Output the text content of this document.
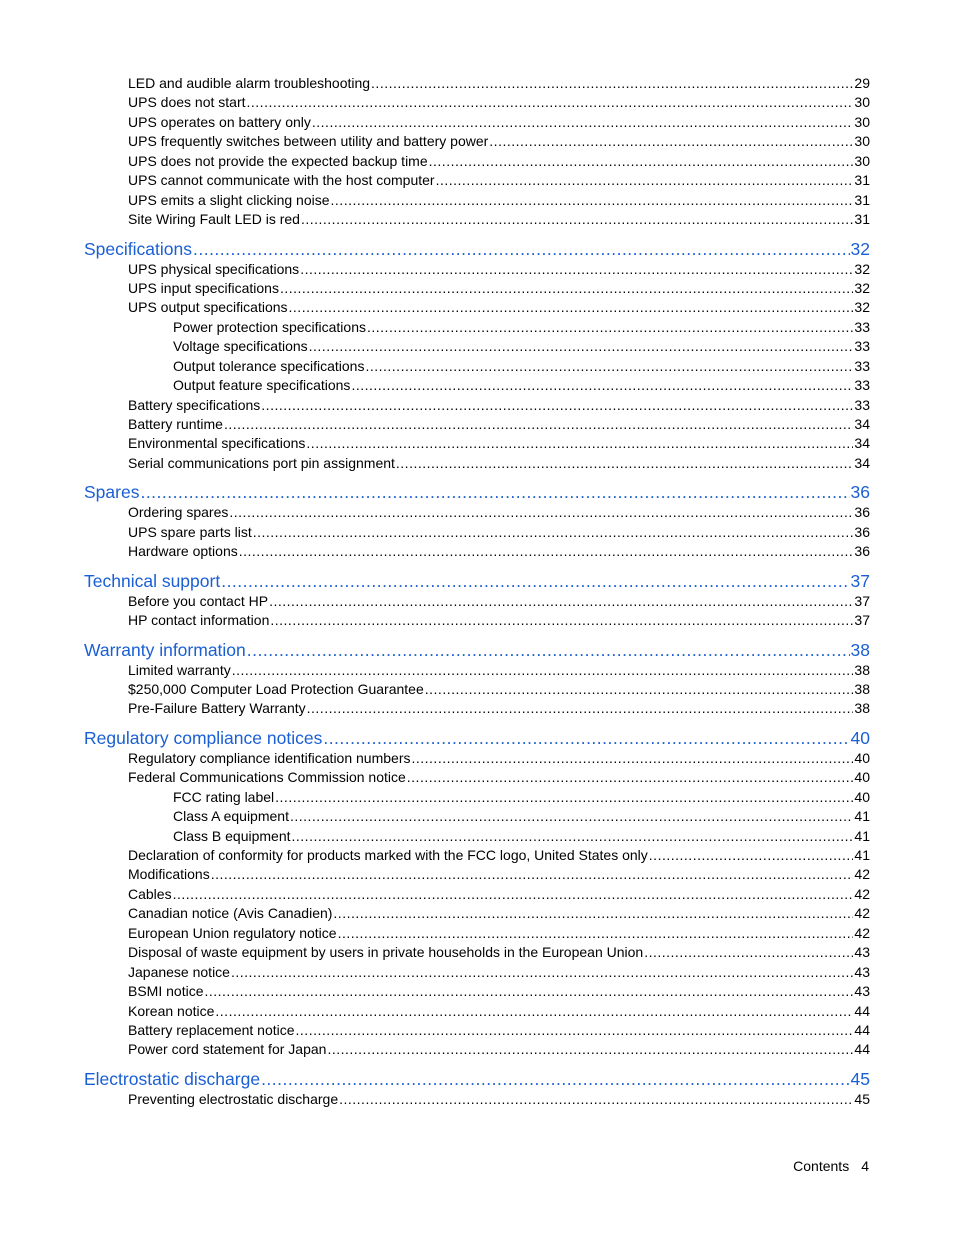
LED and audible alarm troubleshooting .....	29
UPS does not start .....	30
UPS operates on battery only .....	30
UPS frequently switches between utility and battery power .....	30
UPS does not provide the expected backup time .....	30
UPS cannot communicate with the host computer .....	31
UPS emits a slight clicking noise .....	31
Site Wiring Fault LED is red .....	31
Specifications .....	32
UPS physical specifications .....	32
UPS input specifications .....	32
UPS output specifications .....	32
Power protection specifications .....	33
Voltage specifications .....	33
Output tolerance specifications .....	33
Output feature specifications .....	33
Battery specifications .....	33
Battery runtime .....	34
Environmental specifications .....	34
Serial communications port pin assignment .....	34
Spares .....	36
Ordering spares .....	36
UPS spare parts list .....	36
Hardware options .....	36
Technical support .....	37
Before you contact HP .....	37
HP contact information .....	37
Warranty information .....	38
Limited warranty .....	38
$250,000 Computer Load Protection Guarantee .....	38
Pre-Failure Battery Warranty .....	38
Regulatory compliance notices .....	40
Regulatory compliance identification numbers .....	40
Federal Communications Commission notice .....	40
FCC rating label .....	40
Class A equipment .....	41
Class B equipment .....	41
Declaration of conformity for products marked with the FCC logo, United States only .....	41
Modifications .....	42
Cables .....	42
Canadian notice (Avis Canadien) .....	42
European Union regulatory notice .....	42
Disposal of waste equipment by users in private households in the European Union .....	43
Japanese notice .....	43
BSMI notice .....	43
Korean notice .....	44
Battery replacement notice .....	44
Power cord statement for Japan .....	44
Electrostatic discharge .....	45
Preventing electrostatic discharge .....	45
Contents 4
